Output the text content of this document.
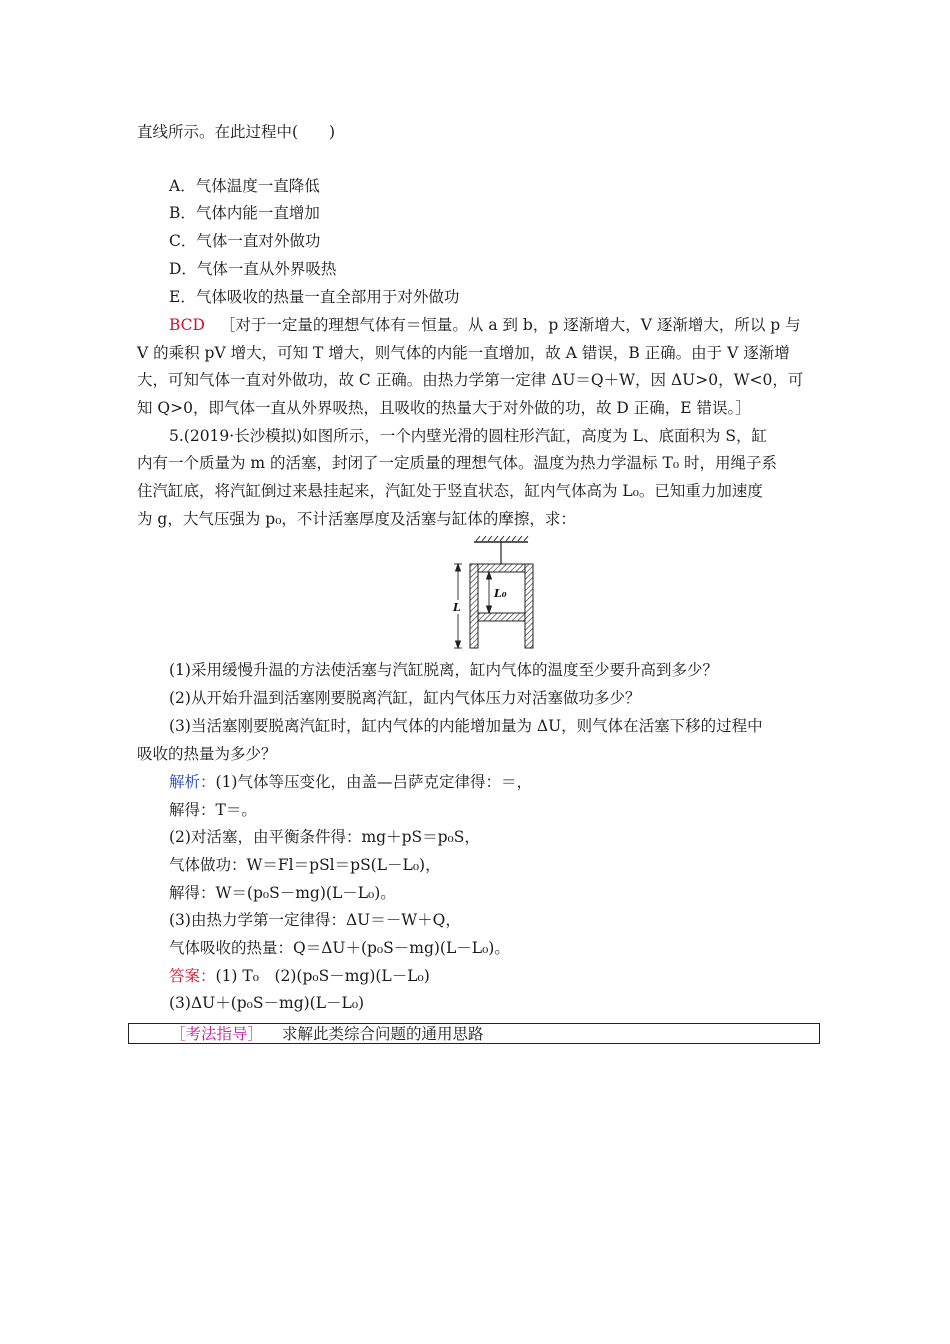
直线所示。在此过程中(　　)
A．气体温度一直降低
B．气体内能一直增加
C．气体一直对外做功
D．气体一直从外界吸热
E．气体吸收的热量一直全部用于对外做功
BCD ［对于一定量的理想气体有＝恒量。从 a 到 b，p 逐渐增大，V 逐渐增大，所以 p 与
V 的乘积 pV 增大，可知 T 增大，则气体的内能一直增加，故 A 错误，B 正确。由于 V 逐渐增
大，可知气体一直对外做功，故 C 正确。由热力学第一定律 ΔU＝Q＋W，因 ΔU>0，W<0，可
知 Q>0，即气体一直从外界吸热，且吸收的热量大于对外做的功，故 D 正确，E 错误。］
5.(2019·长沙模拟)如图所示，一个内壁光滑的圆柱形汽缸，高度为 L、底面积为 S，缸
内有一个质量为 m 的活塞，封闭了一定质量的理想气体。温度为热力学温标 T₀ 时，用绳子系
住汽缸底，将汽缸倒过来悬挂起来，汽缸处于竖直状态，缸内气体高为 L₀。已知重力加速度
为 g，大气压强为 p₀，不计活塞厚度及活塞与缸体的摩擦，求：
L
L₀
(1)采用缓慢升温的方法使活塞与汽缸脱离，缸内气体的温度至少要升高到多少？
(2)从开始升温到活塞刚要脱离汽缸，缸内气体压力对活塞做功多少？
(3)当活塞刚要脱离汽缸时，缸内气体的内能增加量为 ΔU，则气体在活塞下移的过程中
吸收的热量为多少？
解析：(1)气体等压变化，由盖—吕萨克定律得：＝，
解得：T＝。
(2)对活塞，由平衡条件得：mg＋pS＝p₀S，
气体做功：W＝Fl＝pSl＝pS(L－L₀)，
解得：W＝(p₀S－mg)(L－L₀)。
(3)由热力学第一定律得：ΔU＝－W＋Q，
气体吸收的热量：Q＝ΔU＋(p₀S－mg)(L－L₀)。
答案：(1) T₀　(2)(p₀S－mg)(L－L₀)
(3)ΔU＋(p₀S－mg)(L－L₀)
［考法指导］ 求解此类综合问题的通用思路
